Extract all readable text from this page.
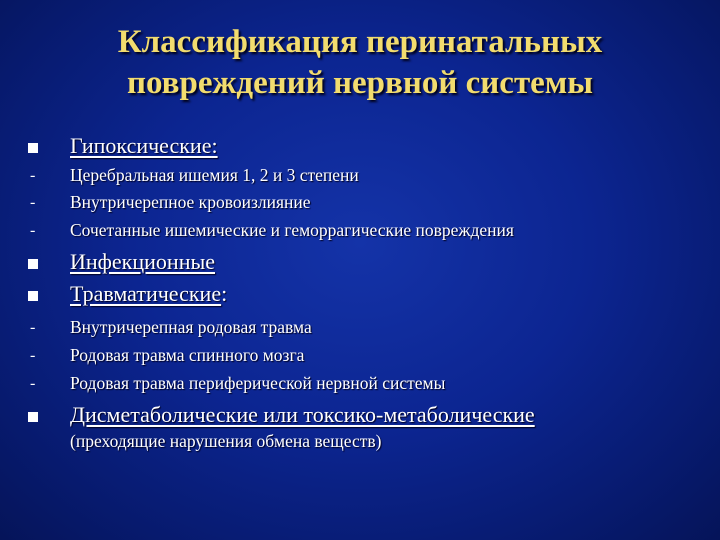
Классификация перинатальных
повреждений нервной системы
Гипоксические:
- Церебральная ишемия 1, 2 и 3 степени
- Внутричерепное кровоизлияние
- Сочетанные ишемические и геморрагические повреждения
Инфекционные
Травматические:
- Внутричерепная родовая травма
- Родовая травма спинного мозга
- Родовая травма периферической нервной системы
Дисметаболические или токсико-метаболические
(преходящие нарушения обмена веществ)
